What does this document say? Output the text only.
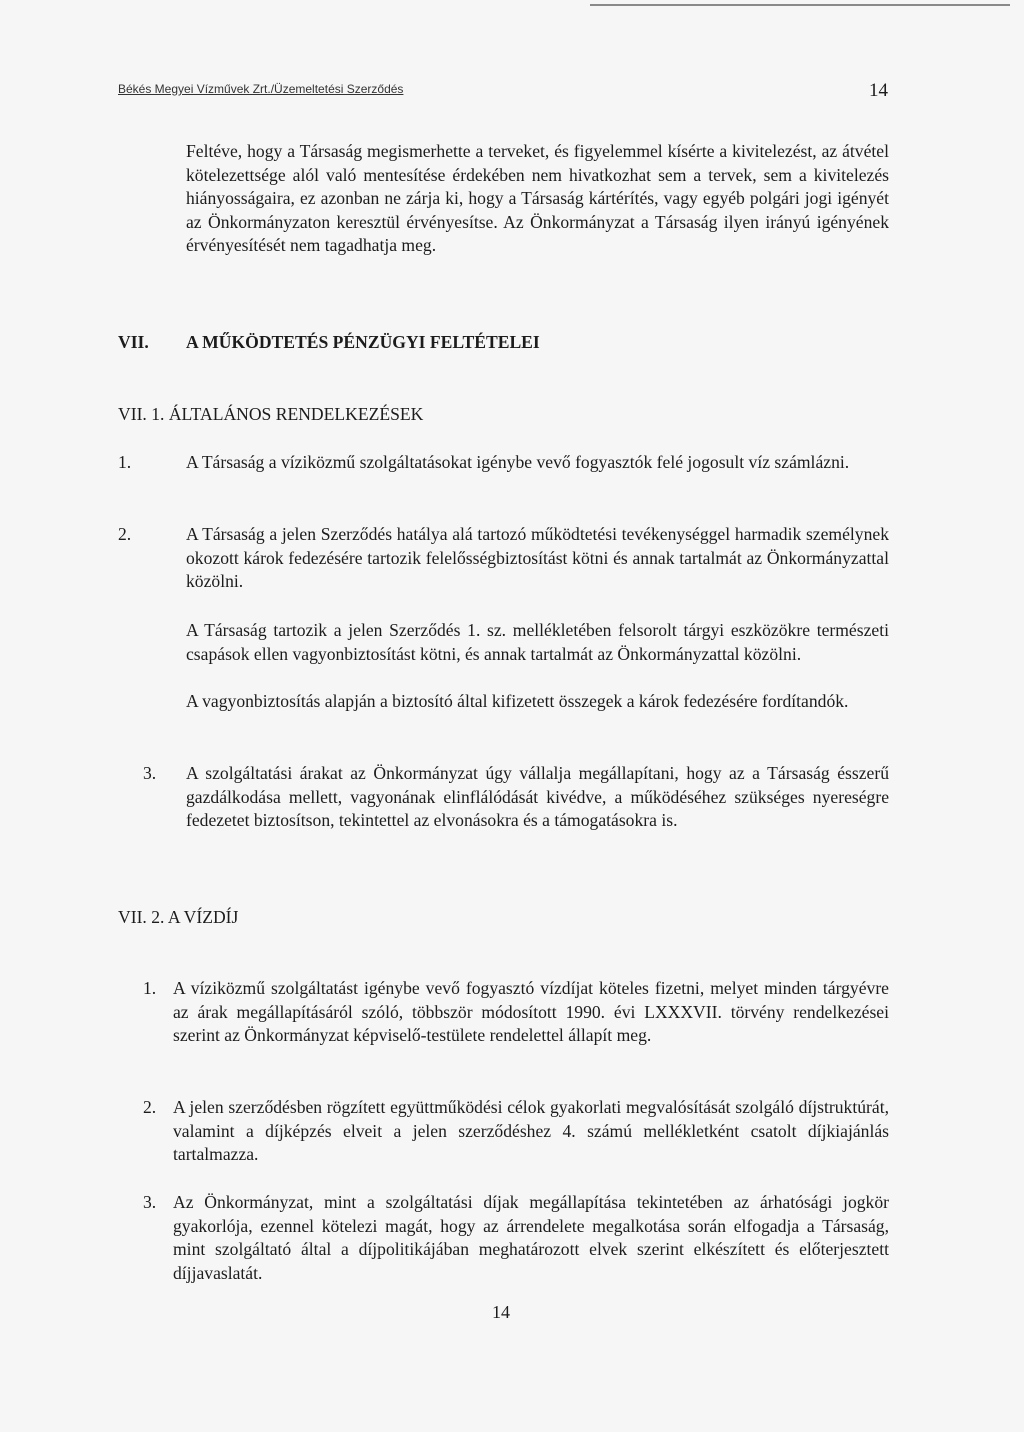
Békés Megyei Vízművek Zrt./Üzemeltetési Szerződés	14

Feltéve, hogy a Társaság megismerhette a terveket, és figyelemmel kísérte a kivitelezést, az átvétel kötelezettsége alól való mentesítése érdekében nem hivatkozhat sem a tervek, sem a kivitelezés hiányosságaira, ez azonban ne zárja ki, hogy a Társaság kártérítés, vagy egyéb polgári jogi igényét az Önkormányzaton keresztül érvényesítse. Az Önkormányzat a Társaság ilyen irányú igényének érvényesítését nem tagadhatja meg.

VII. A MŰKÖDTETÉS PÉNZÜGYI FELTÉTELEI
VII. 1. ÁLTALÁNOS RENDELKEZÉSEK
1.	A Társaság a víziközmű szolgáltatásokat igénybe vevő fogyasztók felé jogosult víz számlázni.

2.	A Társaság a jelen Szerződés hatálya alá tartozó működtetési tevékenységgel harmadik személynek okozott károk fedezésére tartozik felelősségbiztosítást kötni és annak tartalmát az Önkormányzattal közölni.

A Társaság tartozik a jelen Szerződés 1. sz. mellékletében felsorolt tárgyi eszközökre természeti csapások ellen vagyonbiztosítást kötni, és annak tartalmát az Önkormányzattal közölni.

A vagyonbiztosítás alapján a biztosító által kifizetett összegek a károk fedezésére fordítandók.

3. A szolgáltatási árakat az Önkormányzat úgy vállalja megállapítani, hogy az a Társaság ésszerű gazdálkodása mellett, vagyonának elinflálódását kivédve, a működéséhez szükséges nyereségre fedezetet biztosítson, tekintettel az elvonásokra és a támogatásokra is.

VII. 2. A VÍZDÍJ
1. A víziközmű szolgáltatást igénybe vevő fogyasztó vízdíjat köteles fizetni, melyet minden tárgyévre az árak megállapításáról szóló, többször módosított 1990. évi LXXXVII. törvény rendelkezései szerint az Önkormányzat képviselő-testülete rendelettel állapít meg.

2. A jelen szerződésben rögzített együttműködési célok gyakorlati megvalósítását szolgáló díjstruktúrát, valamint a díjképzés elveit a jelen szerződéshez 4. számú mellékletként csatolt díjkiajánlás tartalmazza.

3. Az Önkormányzat, mint a szolgáltatási díjak megállapítása tekintetében az árhatósági jogkör gyakorlója, ezennel kötelezi magát, hogy az árrendelete megalkotása során elfogadja a Társaság, mint szolgáltató által a díjpolitikájában meghatározott elvek szerint elkészített és előterjesztett díjjavaslatát.

14
